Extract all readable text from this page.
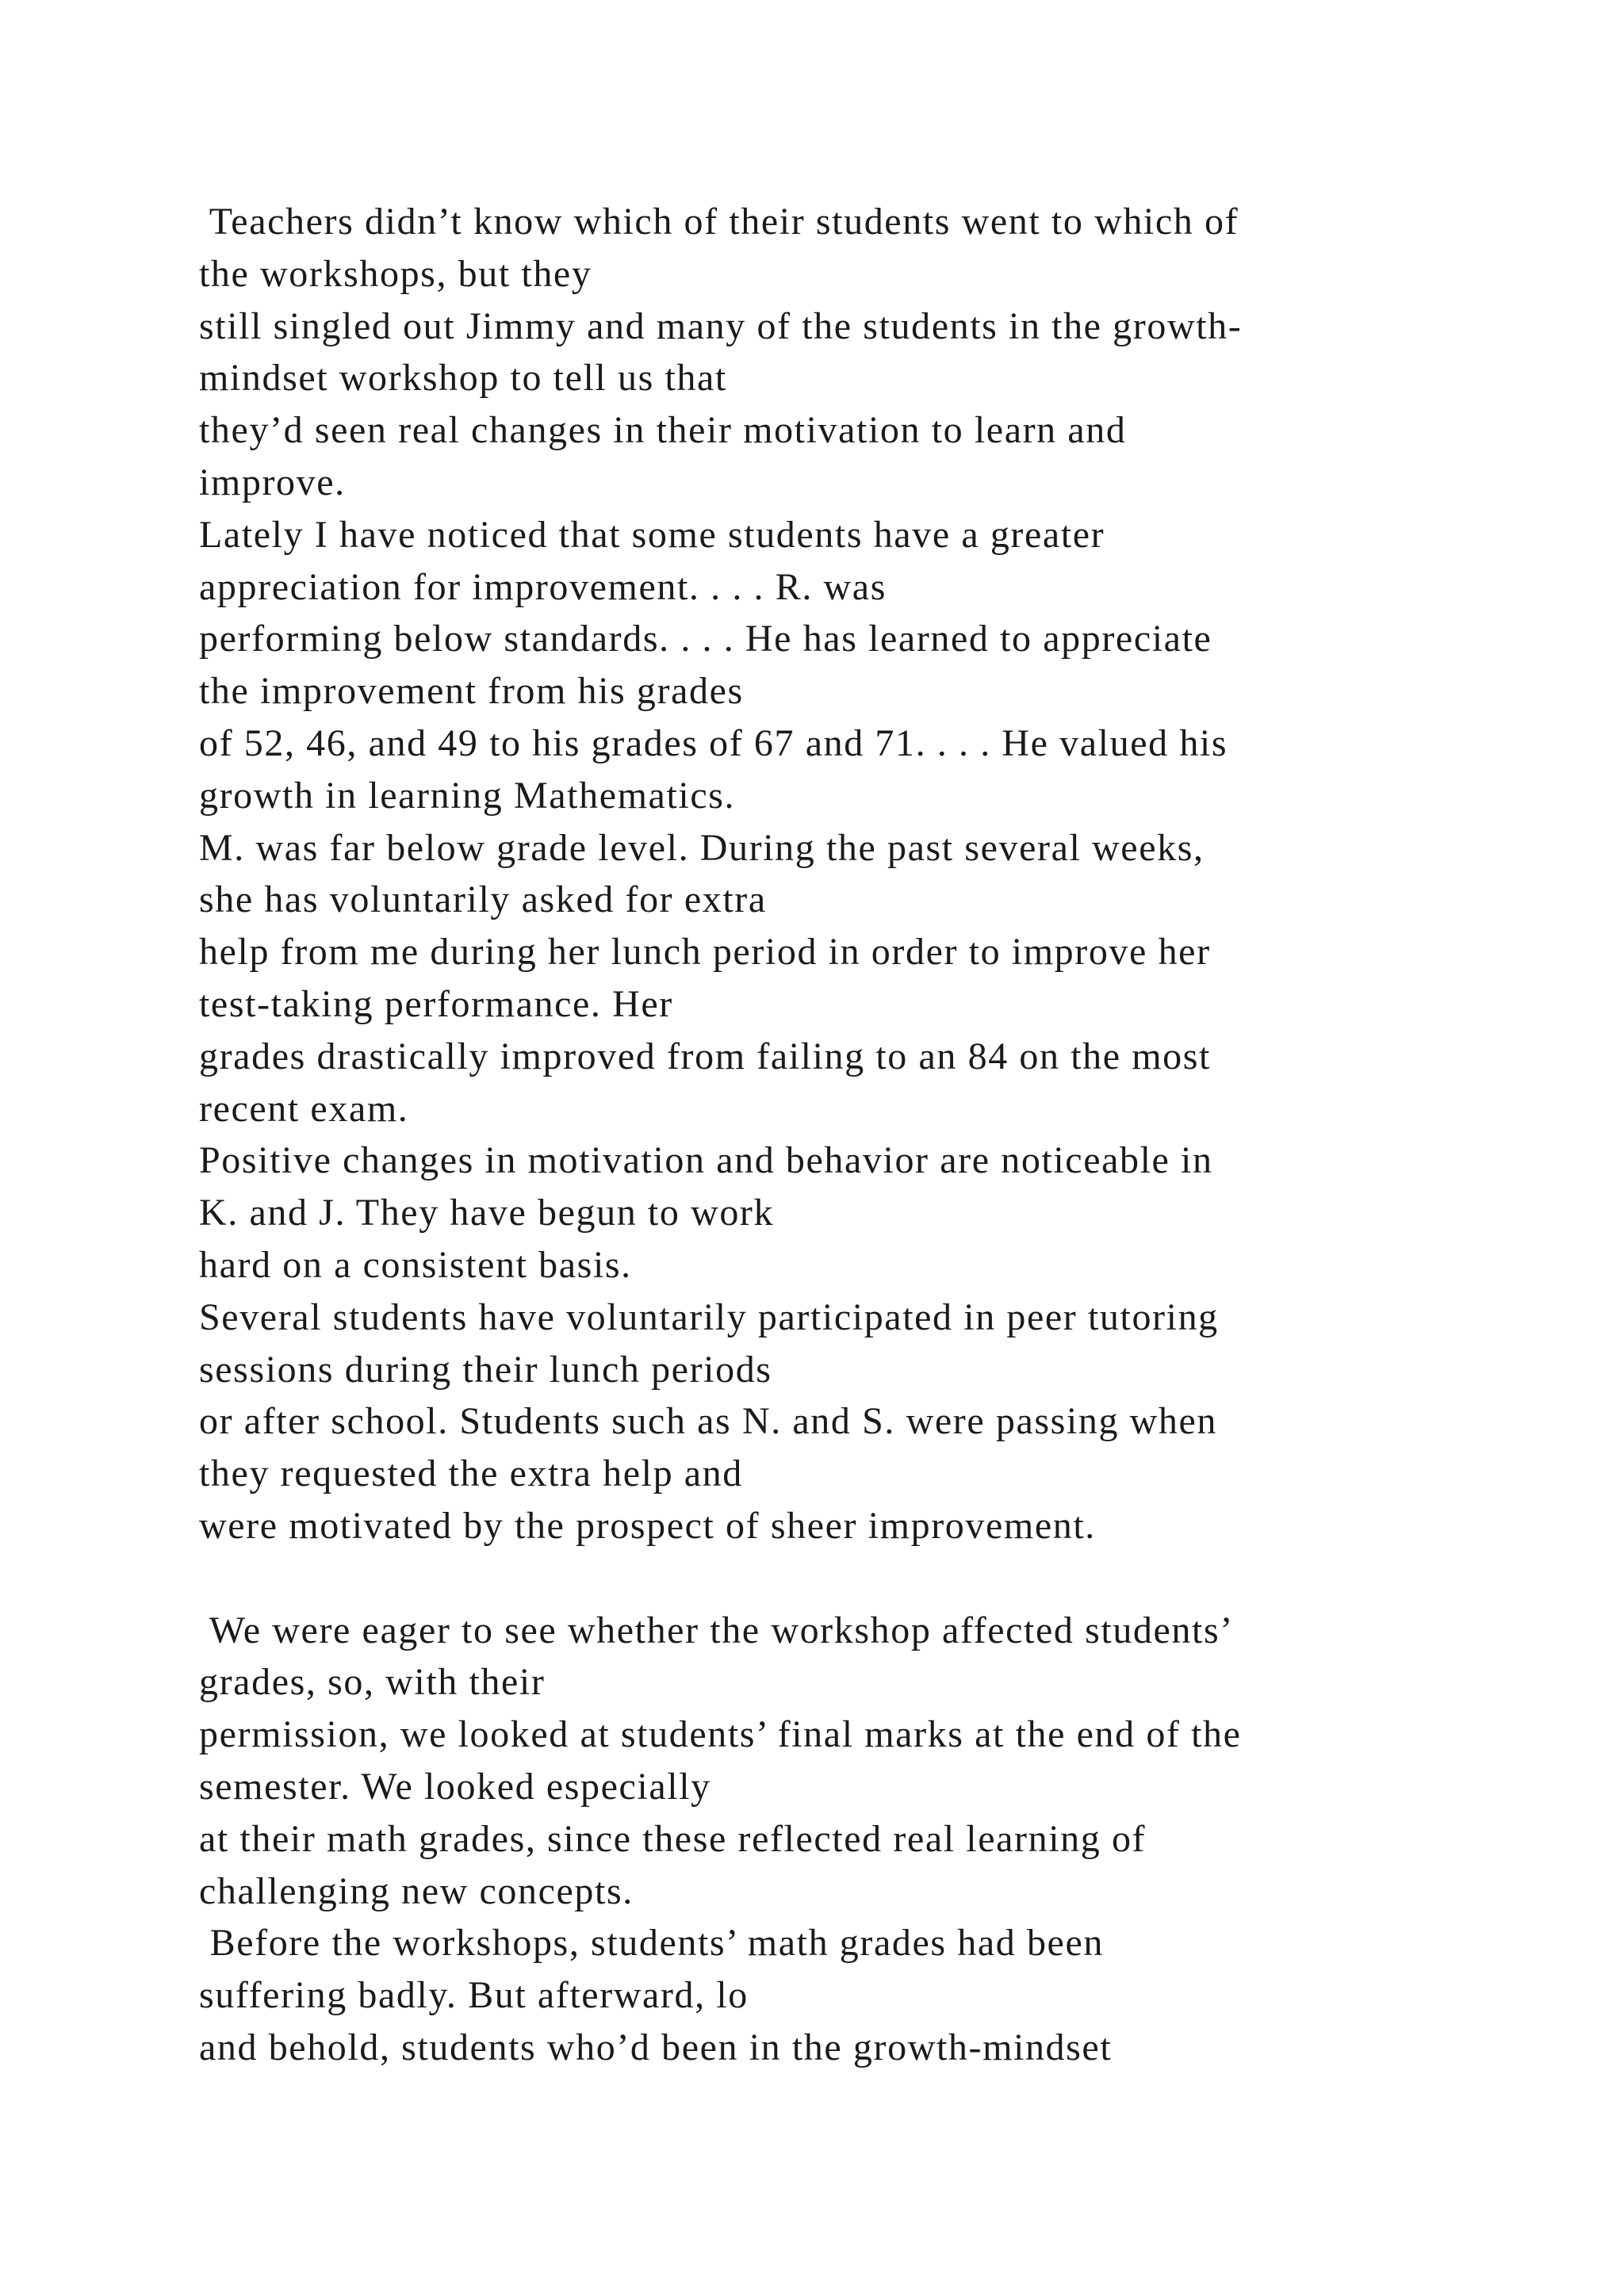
Teachers didn’t know which of their students went to which of
the workshops, but they
still singled out Jimmy and many of the students in the growth-
mindset workshop to tell us that
they’d seen real changes in their motivation to learn and
improve.
Lately I have noticed that some students have a greater
appreciation for improvement. . . . R. was
performing below standards. . . . He has learned to appreciate
the improvement from his grades
of 52, 46, and 49 to his grades of 67 and 71. . . . He valued his
growth in learning Mathematics.
M. was far below grade level. During the past several weeks,
she has voluntarily asked for extra
help from me during her lunch period in order to improve her
test-taking performance. Her
grades drastically improved from failing to an 84 on the most
recent exam.
Positive changes in motivation and behavior are noticeable in
K. and J. They have begun to work
hard on a consistent basis.
Several students have voluntarily participated in peer tutoring
sessions during their lunch periods
or after school. Students such as N. and S. were passing when
they requested the extra help and
were motivated by the prospect of sheer improvement.
We were eager to see whether the workshop affected students’
grades, so, with their
permission, we looked at students’ final marks at the end of the
semester. We looked especially
at their math grades, since these reflected real learning of
challenging new concepts.
Before the workshops, students’ math grades had been
suffering badly. But afterward, lo
and behold, students who’d been in the growth-mindset
